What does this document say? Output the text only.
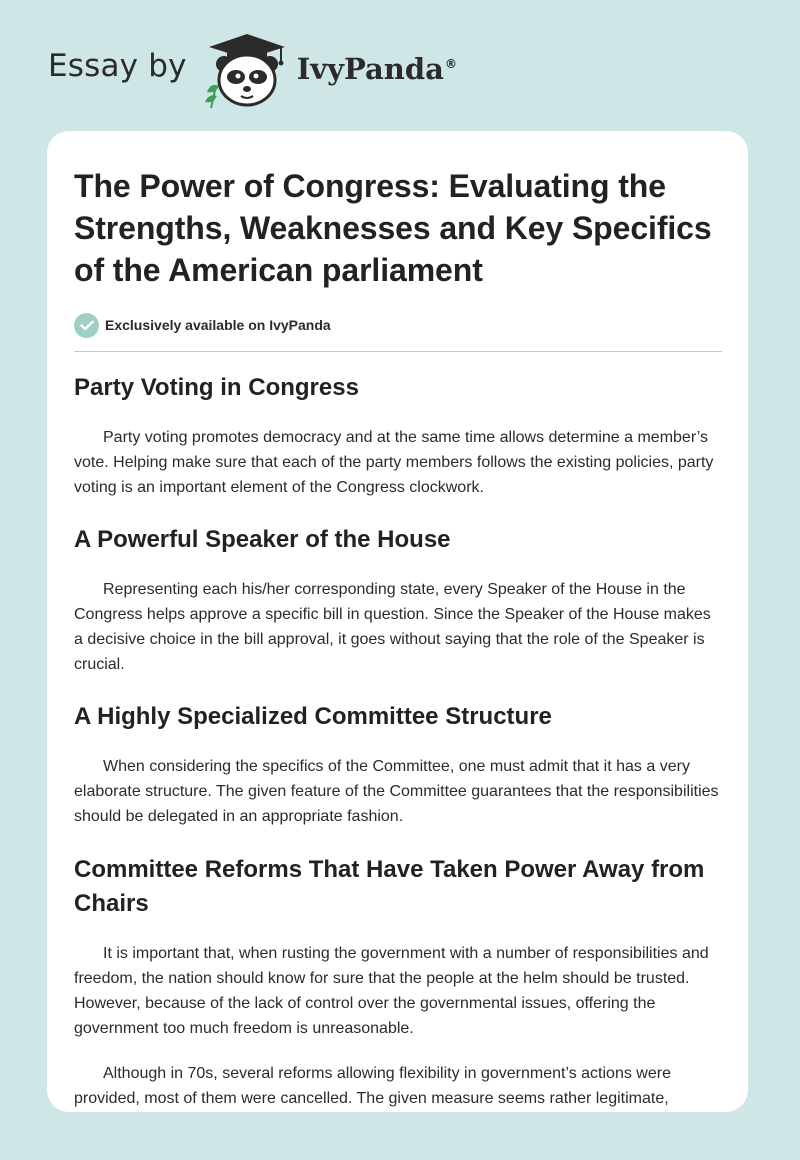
Essay by	IvyPanda®
The Power of Congress: Evaluating the Strengths, Weaknesses and Key Specifics of the American parliament
Exclusively available on IvyPanda
Party Voting in Congress

Party voting promotes democracy and at the same time allows determine a member’s vote. Helping make sure that each of the party members follows the existing policies, party voting is an important element of the Congress clockwork.

A Powerful Speaker of the House

Representing each his/her corresponding state, every Speaker of the House in the Congress helps approve a specific bill in question. Since the Speaker of the House makes a decisive choice in the bill approval, it goes without saying that the role of the Speaker is crucial.

A Highly Specialized Committee Structure

When considering the specifics of the Committee, one must admit that it has a very elaborate structure. The given feature of the Committee guarantees that the responsibilities should be delegated in an appropriate fashion.

Committee Reforms That Have Taken Power Away from Chairs

It is important that, when rusting the government with a number of responsibilities and freedom, the nation should know for sure that the people at the helm should be trusted. However, because of the lack of control over the governmental issues, offering the government too much freedom is unreasonable.

Although in 70s, several reforms allowing flexibility in government’s actions were provided, most of them were cancelled. The given measure seems rather legitimate,
